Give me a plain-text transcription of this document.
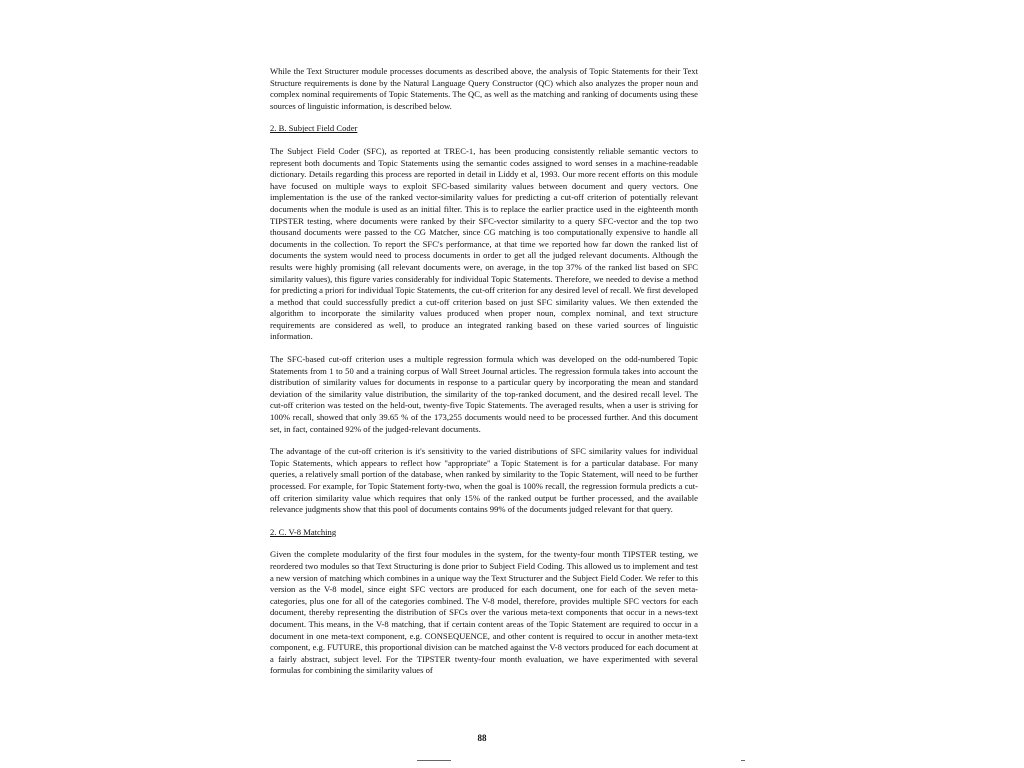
While the Text Structurer module processes documents as described above, the analysis of Topic Statements for their Text Structure requirements is done by the Natural Language Query Constructor (QC) which also analyzes the proper noun and complex nominal requirements of Topic Statements. The QC, as well as the matching and ranking of documents using these sources of linguistic information, is described below.

2. B. Subject Field Coder

The Subject Field Coder (SFC), as reported at TREC-1, has been producing consistently reliable semantic vectors to represent both documents and Topic Statements using the semantic codes assigned to word senses in a machine-readable dictionary. Details regarding this process are reported in detail in Liddy et al, 1993. Our more recent efforts on this module have focused on multiple ways to exploit SFC-based similarity values between document and query vectors. One implementation is the use of the ranked vector-similarity values for predicting a cut-off criterion of potentially relevant documents when the module is used as an initial filter. This is to replace the earlier practice used in the eighteenth month TIPSTER testing, where documents were ranked by their SFC-vector similarity to a query SFC-vector and the top two thousand documents were passed to the CG Matcher, since CG matching is too computationally expensive to handle all documents in the collection. To report the SFC's performance, at that time we reported how far down the ranked list of documents the system would need to process documents in order to get all the judged relevant documents. Although the results were highly promising (all relevant documents were, on average, in the top 37% of the ranked list based on SFC similarity values), this figure varies considerably for individual Topic Statements. Therefore, we needed to devise a method for predicting a priori for individual Topic Statements, the cut-off criterion for any desired level of recall. We first developed a method that could successfully predict a cut-off criterion based on just SFC similarity values. We then extended the algorithm to incorporate the similarity values produced when proper noun, complex nominal, and text structure requirements are considered as well, to produce an integrated ranking based on these varied sources of linguistic information.

The SFC-based cut-off criterion uses a multiple regression formula which was developed on the odd-numbered Topic Statements from 1 to 50 and a training corpus of Wall Street Journal articles. The regression formula takes into account the distribution of similarity values for documents in response to a particular query by incorporating the mean and standard deviation of the similarity value distribution, the similarity of the top-ranked document, and the desired recall level. The cut-off criterion was tested on the held-out, twenty-five Topic Statements. The averaged results, when a user is striving for 100% recall, showed that only 39.65 % of the 173,255 documents would need to be processed further. And this document set, in fact, contained 92% of the judged-relevant documents.

The advantage of the cut-off criterion is it's sensitivity to the varied distributions of SFC similarity values for individual Topic Statements, which appears to reflect how "appropriate" a Topic Statement is for a particular database. For many queries, a relatively small portion of the database, when ranked by similarity to the Topic Statement, will need to be further processed. For example, for Topic Statement forty-two, when the goal is 100% recall, the regression formula predicts a cut-off criterion similarity value which requires that only 15% of the ranked output be further processed, and the available relevance judgments show that this pool of documents contains 99% of the documents judged relevant for that query.

2. C. V-8 Matching

Given the complete modularity of the first four modules in the system, for the twenty-four month TIPSTER testing, we reordered two modules so that Text Structuring is done prior to Subject Field Coding. This allowed us to implement and test a new version of matching which combines in a unique way the Text Structurer and the Subject Field Coder. We refer to this version as the V-8 model, since eight SFC vectors are produced for each document, one for each of the seven meta-categories, plus one for all of the categories combined. The V-8 model, therefore, provides multiple SFC vectors for each document, thereby representing the distribution of SFCs over the various meta-text components that occur in a news-text document. This means, in the V-8 matching, that if certain content areas of the Topic Statement are required to occur in a document in one meta-text component, e.g. CONSEQUENCE, and other content is required to occur in another meta-text component, e.g. FUTURE, this proportional division can be matched against the V-8 vectors produced for each document at a fairly abstract, subject level. For the TIPSTER twenty-four month evaluation, we have experimented with several formulas for combining the similarity values of

88
